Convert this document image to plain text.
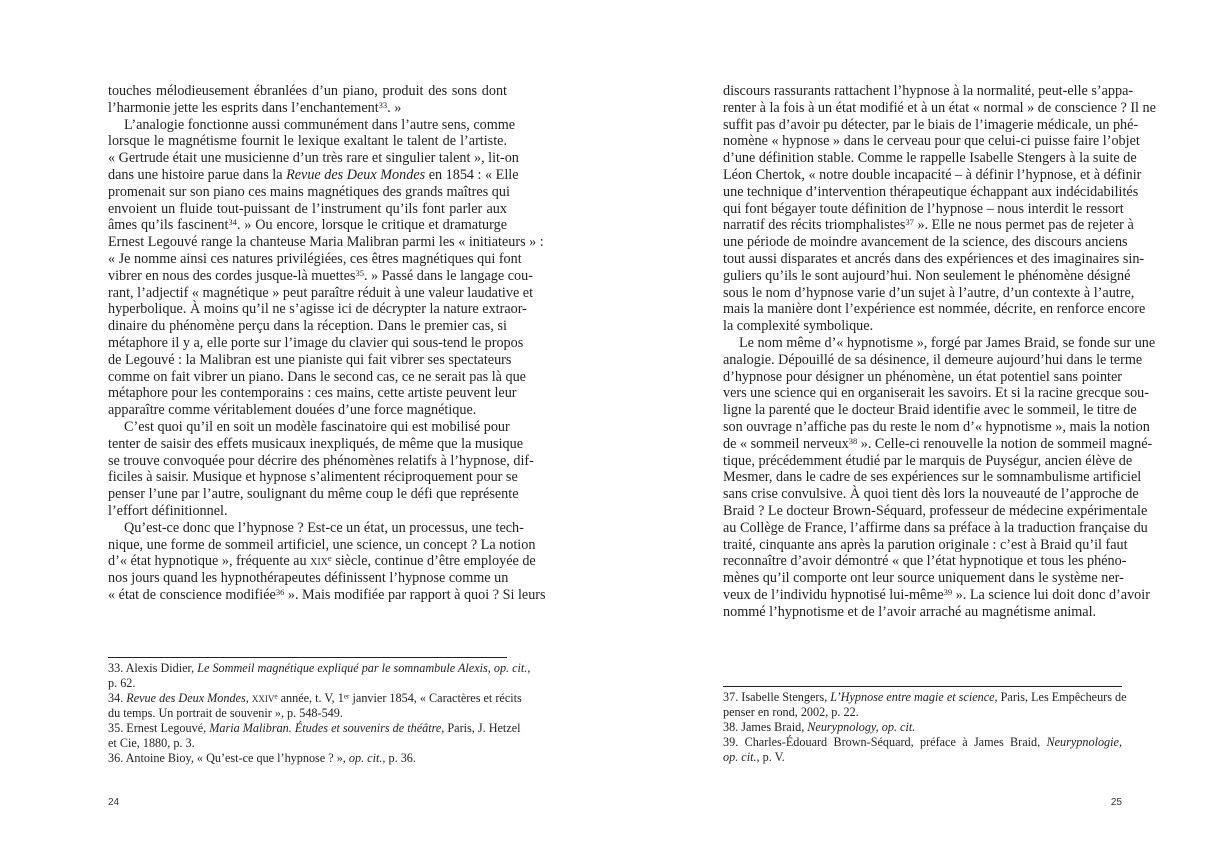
touches mélodieusement ébranlées d’un piano, produit des sons dont
l’harmonie jette les esprits dans l’enchantement$^{33}$. »
L’analogie fonctionne aussi communément dans l’autre sens, comme
lorsque le magnétisme fournit le lexique exaltant le talent de l’artiste.
« Gertrude était une musicienne d’un très rare et singulier talent », lit-on
dans une histoire parue dans la Revue des Deux Mondes en 1854 : « Elle
promenait sur son piano ces mains magnétiques des grands maîtres qui
envoient un fluide tout-puissant de l’instrument qu’ils font parler aux
âmes qu’ils fascinent$^{34}$. » Ou encore, lorsque le critique et dramaturge
Ernest Legouvé range la chanteuse Maria Malibran parmi les « initiateurs » :
« Je nomme ainsi ces natures privilégiées, ces êtres magnétiques qui font
vibrer en nous des cordes jusque-là muettes$^{35}$. » Passé dans le langage cou-
rant, l’adjectif « magnétique » peut paraître réduit à une valeur laudative et
hyperbolique. À moins qu’il ne s’agisse ici de décrypter la nature extraor-
dinaire du phénomène perçu dans la réception. Dans le premier cas, si
métaphore il y a, elle porte sur l’image du clavier qui sous-tend le propos
de Legouvé : la Malibran est une pianiste qui fait vibrer ses spectateurs
comme on fait vibrer un piano. Dans le second cas, ce ne serait pas là que
métaphore pour les contemporains : ces mains, cette artiste peuvent leur
apparaître comme véritablement douées d’une force magnétique.
C’est quoi qu’il en soit un modèle fascinatoire qui est mobilisé pour
tenter de saisir des effets musicaux inexpliqués, de même que la musique
se trouve convoquée pour décrire des phénomènes relatifs à l’hypnose, dif-
ficiles à saisir. Musique et hypnose s’alimentent réciproquement pour se
penser l’une par l’autre, soulignant du même coup le défi que représente
l’effort définitionnel.
Qu’est-ce donc que l’hypnose ? Est-ce un état, un processus, une tech-
nique, une forme de sommeil artificiel, une science, un concept ? La notion
d’« état hypnotique », fréquente au xix$^e$ siècle, continue d’être employée de
nos jours quand les hypnothérapeutes définissent l’hypnose comme un
« état de conscience modifiée$^{36}$ ». Mais modifiée par rapport à quoi ? Si leurs
33. Alexis Didier, Le Sommeil magnétique expliqué par le somnambule Alexis, op. cit.,
p. 62.
34. Revue des Deux Mondes, xxiv$^e$ année, t. V, 1er janvier 1854, « Caractères et récits
du temps. Un portrait de souvenir », p. 548-549.
35. Ernest Legouvé, Maria Malibran. Études et souvenirs de théâtre, Paris, J. Hetzel
et Cie, 1880, p. 3.
36. Antoine Bioy, « Qu’est-ce que l’hypnose ? », op. cit., p. 36.
24
discours rassurants rattachent l’hypnose à la normalité, peut-elle s’appa-
renter à la fois à un état modifié et à un état « normal » de conscience ? Il ne
suffit pas d’avoir pu détecter, par le biais de l’imagerie médicale, un phé-
nomène « hypnose » dans le cerveau pour que celui-ci puisse faire l’objet
d’une définition stable. Comme le rappelle Isabelle Stengers à la suite de
Léon Chertok, « notre double incapacité – à définir l’hypnose, et à définir
une technique d’intervention thérapeutique échappant aux indécidabilités
qui font bégayer toute définition de l’hypnose – nous interdit le ressort
narratif des récits triomphalistes$^{37}$ ». Elle ne nous permet pas de rejeter à
une période de moindre avancement de la science, des discours anciens
tout aussi disparates et ancrés dans des expériences et des imaginaires sin-
guliers qu’ils le sont aujourd’hui. Non seulement le phénomène désigné
sous le nom d’hypnose varie d’un sujet à l’autre, d’un contexte à l’autre,
mais la manière dont l’expérience est nommée, décrite, en renforce encore
la complexité symbolique.
Le nom même d’« hypnotisme », forgé par James Braid, se fonde sur une
analogie. Dépouillé de sa désinence, il demeure aujourd’hui dans le terme
d’hypnose pour désigner un phénomène, un état potentiel sans pointer
vers une science qui en organiserait les savoirs. Et si la racine grecque sou-
ligne la parenté que le docteur Braid identifie avec le sommeil, le titre de
son ouvrage n’affiche pas du reste le nom d’« hypnotisme », mais la notion
de « sommeil nerveux$^{38}$ ». Celle-ci renouvelle la notion de sommeil magné-
tique, précédemment étudié par le marquis de Puységur, ancien élève de
Mesmer, dans le cadre de ses expériences sur le somnambulisme artificiel
sans crise convulsive. À quoi tient dès lors la nouveauté de l’approche de
Braid ? Le docteur Brown-Séquard, professeur de médecine expérimentale
au Collège de France, l’affirme dans sa préface à la traduction française du
traité, cinquante ans après la parution originale : c’est à Braid qu’il faut
reconnaître d’avoir démontré « que l’état hypnotique et tous les phéno-
mènes qu’il comporte ont leur source uniquement dans le système ner-
veux de l’individu hypnotisé lui-même$^{39}$ ». La science lui doit donc d’avoir
nommé l’hypnotisme et de l’avoir arraché au magnétisme animal.
37. Isabelle Stengers, L’Hypnose entre magie et science, Paris, Les Empêcheurs de
penser en rond, 2002, p. 22.
38. James Braid, Neurypnology, op. cit.
39. Charles-Édouard Brown-Séquard, préface à James Braid, Neurypnologie,
op. cit., p. V.
25
